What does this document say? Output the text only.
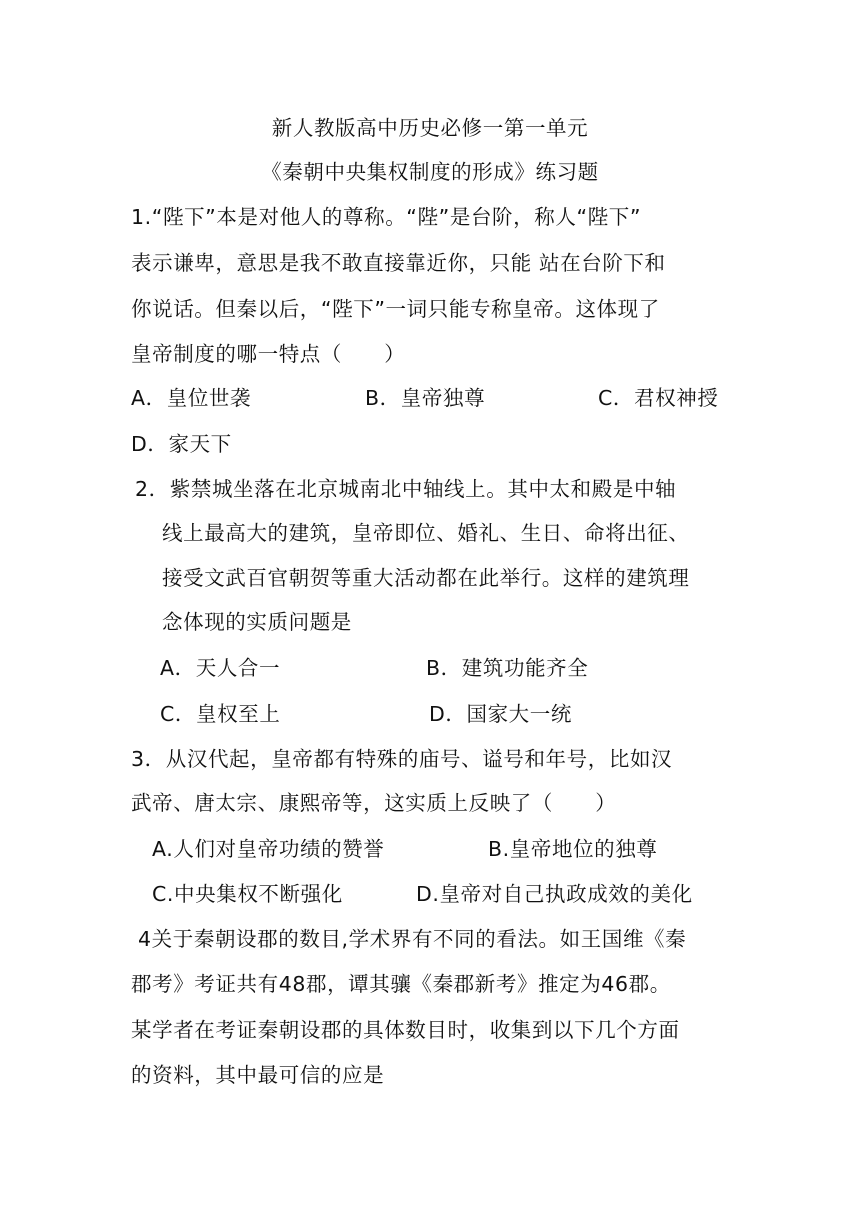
新人教版高中历史必修一第一单元
《秦朝中央集权制度的形成》练习题
1.“陛下”本是对他人的尊称。“陛”是台阶，称人“陛下”
表示谦卑，意思是我不敢直接靠近你，只能 站在台阶下和
你说话。但秦以后，“陛下”一词只能专称皇帝。这体现了
皇帝制度的哪一特点（　　）
A．皇位世袭	B．皇帝独尊	C．君权神授
D．家天下
2．紫禁城坐落在北京城南北中轴线上。其中太和殿是中轴
线上最高大的建筑，皇帝即位、婚礼、生日、命将出征、
接受文武百官朝贺等重大活动都在此举行。这样的建筑理
念体现的实质问题是
A．天人合一	B．建筑功能齐全
C．皇权至上	D．国家大一统
3．从汉代起，皇帝都有特殊的庙号、谥号和年号，比如汉
武帝、唐太宗、康熙帝等，这实质上反映了（　　）
A.人们对皇帝功绩的赞誉	B.皇帝地位的独尊
C.中央集权不断强化	D.皇帝对自己执政成效的美化
4关于秦朝设郡的数目,学术界有不同的看法。如王国维《秦
郡考》考证共有48郡，谭其骧《秦郡新考》推定为46郡。
某学者在考证秦朝设郡的具体数目时，收集到以下几个方面
的资料，其中最可信的应是
